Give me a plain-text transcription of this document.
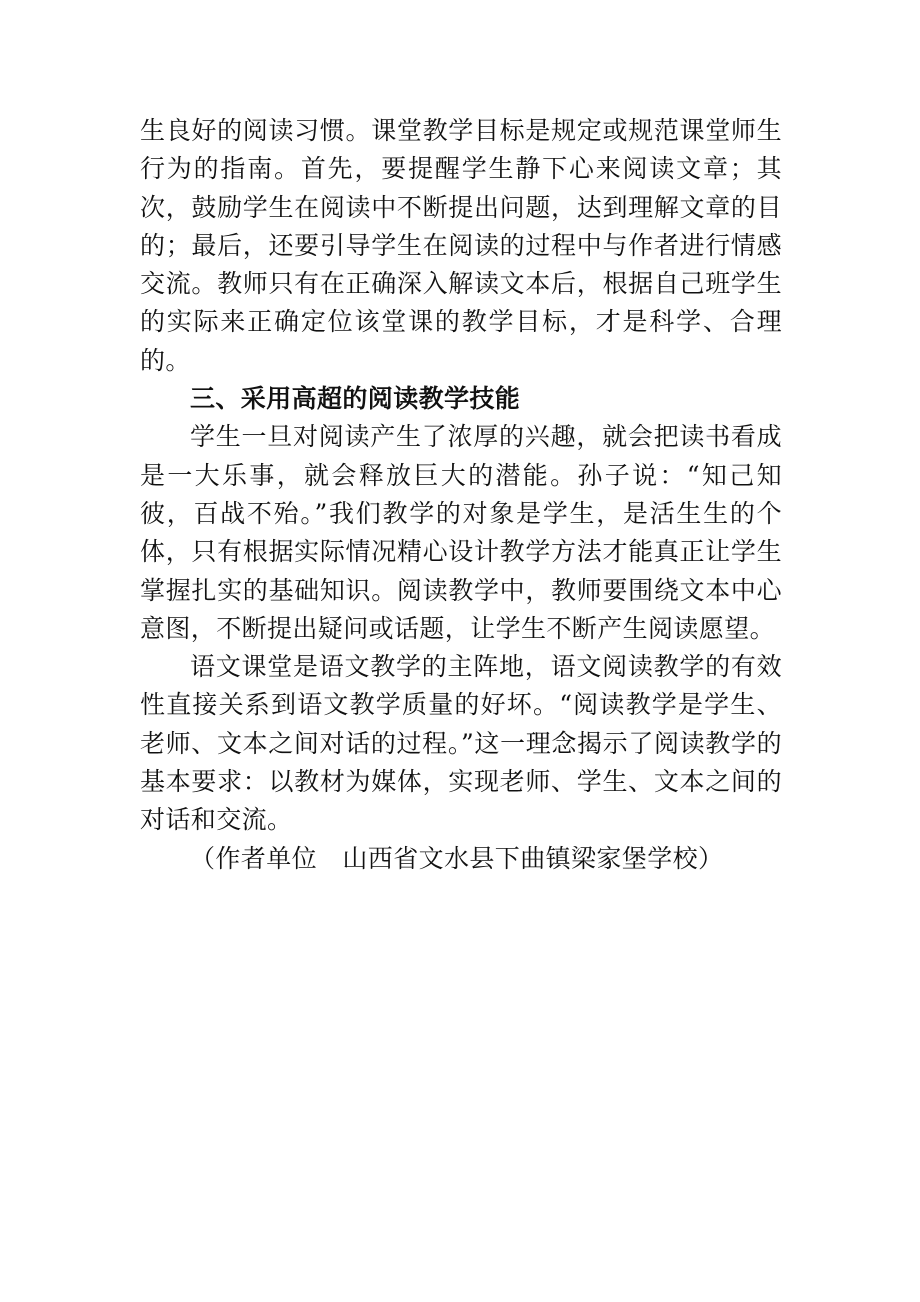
生良好的阅读习惯。课堂教学目标是规定或规范课堂师生行为的指南。首先，要提醒学生静下心来阅读文章；其次，鼓励学生在阅读中不断提出问题，达到理解文章的目的；最后，还要引导学生在阅读的过程中与作者进行情感交流。教师只有在正确深入解读文本后，根据自己班学生的实际来正确定位该堂课的教学目标，才是科学、合理的。

三、采用高超的阅读教学技能

学生一旦对阅读产生了浓厚的兴趣，就会把读书看成是一大乐事，就会释放巨大的潜能。孙子说：“知己知彼，百战不殆。”我们教学的对象是学生，是活生生的个体，只有根据实际情况精心设计教学方法才能真正让学生掌握扎实的基础知识。阅读教学中，教师要围绕文本中心意图，不断提出疑问或话题，让学生不断产生阅读愿望。

语文课堂是语文教学的主阵地，语文阅读教学的有效性直接关系到语文教学质量的好坏。“阅读教学是学生、老师、文本之间对话的过程。”这一理念揭示了阅读教学的基本要求：以教材为媒体，实现老师、学生、文本之间的对话和交流。

（作者单位　山西省文水县下曲镇梁家堡学校）
